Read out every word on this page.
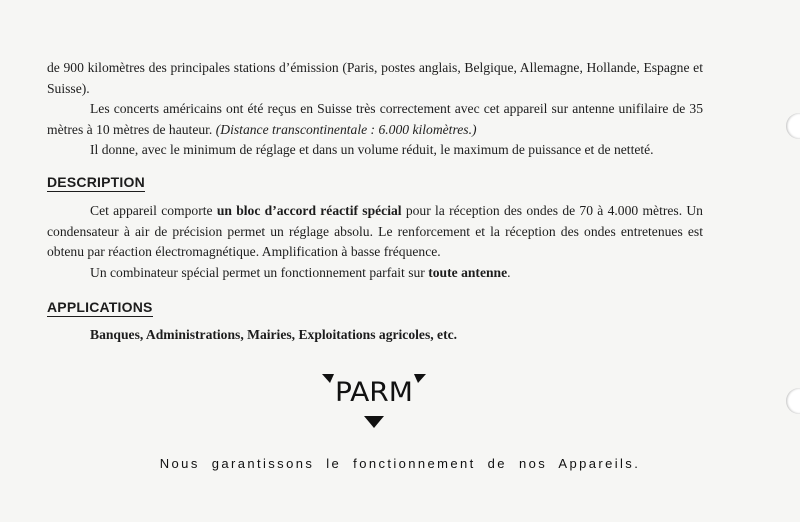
de 900 kilomètres des principales stations d’émission (Paris, postes anglais, Belgique, Allemagne, Hollande, Espagne et Suisse).

Les concerts américains ont été reçus en Suisse très correctement avec cet appareil sur antenne unifilaire de 35 mètres à 10 mètres de hauteur. (Distance transcontinentale : 6.000 kilomètres.)

Il donne, avec le minimum de réglage et dans un volume réduit, le maximum de puissance et de netteté.

DESCRIPTION

Cet appareil comporte un bloc d’accord réactif spécial pour la réception des ondes de 70 à 4.000 mètres. Un condensateur à air de précision permet un réglage absolu. Le renforcement et la réception des ondes entretenues est obtenu par réaction électromagnétique. Amplification à basse fréquence.

Un combinateur spécial permet un fonctionnement parfait sur toute antenne.

APPLICATIONS
Banques, Administrations, Mairies, Exploitations agricoles, etc.
PARM
Nous garantissons le fonctionnement de nos Appareils.
